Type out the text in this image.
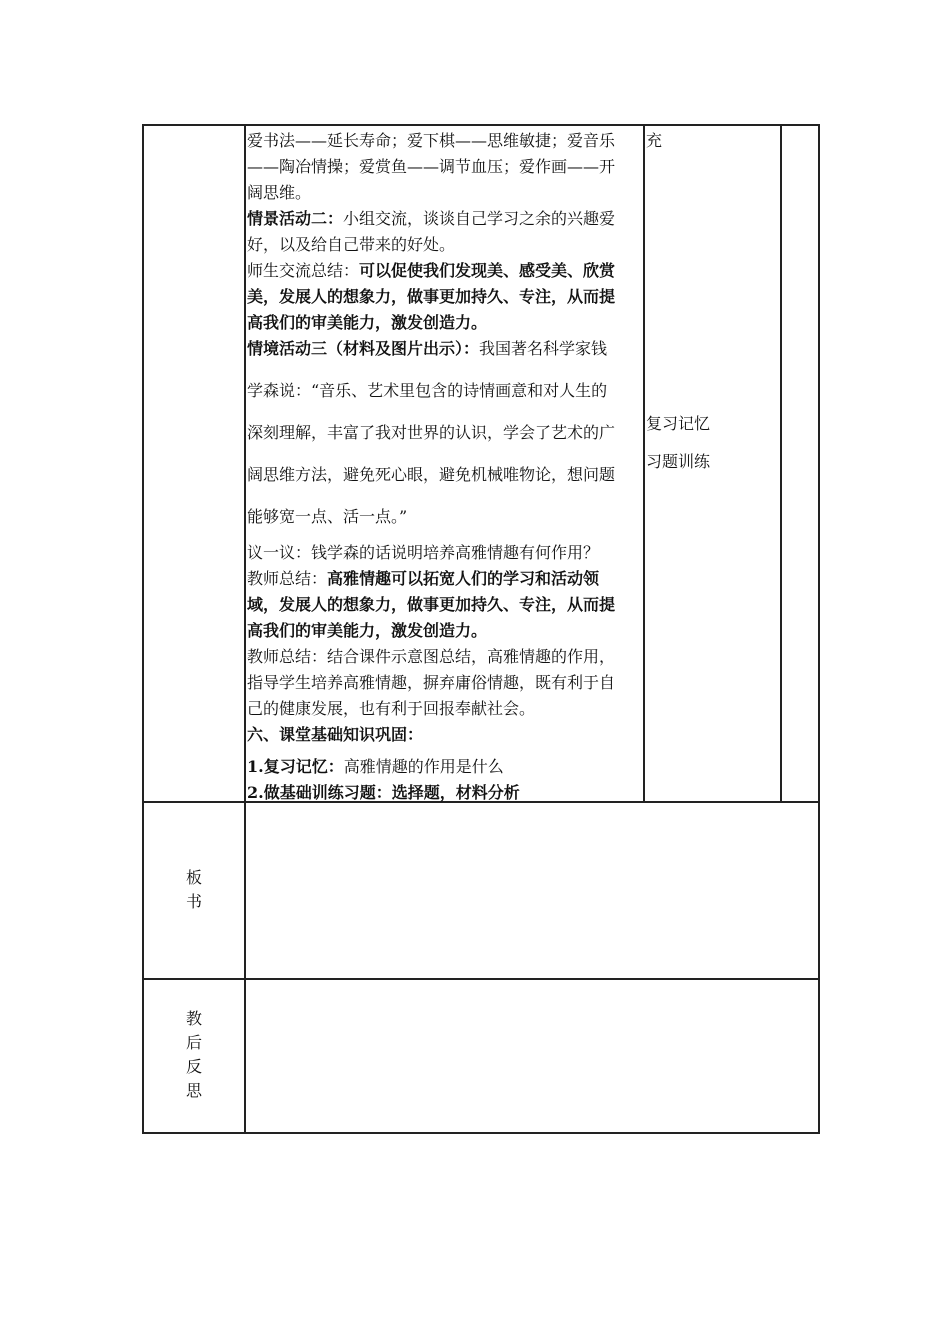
爱书法——延长寿命；爱下棋——思维敏捷；爱音乐
——陶冶情操；爱赏鱼——调节血压；爱作画——开
阔思维。
情景活动二：小组交流，谈谈自己学习之余的兴趣爱
好，以及给自己带来的好处。
师生交流总结：可以促使我们发现美、感受美、欣赏
美，发展人的想象力，做事更加持久、专注，从而提
高我们的审美能力，激发创造力。
情境活动三（材料及图片出示）：我国著名科学家钱
学森说：“音乐、艺术里包含的诗情画意和对人生的
深刻理解，丰富了我对世界的认识，学会了艺术的广
阔思维方法，避免死心眼，避免机械唯物论，想问题
能够宽一点、活一点。”
议一议：钱学森的话说明培养高雅情趣有何作用？
教师总结：高雅情趣可以拓宽人们的学习和活动领
域，发展人的想象力，做事更加持久、专注，从而提
高我们的审美能力，激发创造力。
教师总结：结合课件示意图总结，高雅情趣的作用，
指导学生培养高雅情趣，摒弃庸俗情趣，既有利于自
己的健康发展，也有利于回报奉献社会。
六、课堂基础知识巩固：
1.复习记忆：高雅情趣的作用是什么
2.做基础训练习题：选择题，材料分析
充
复习记忆
习题训练
板
书
教
后
反
思
